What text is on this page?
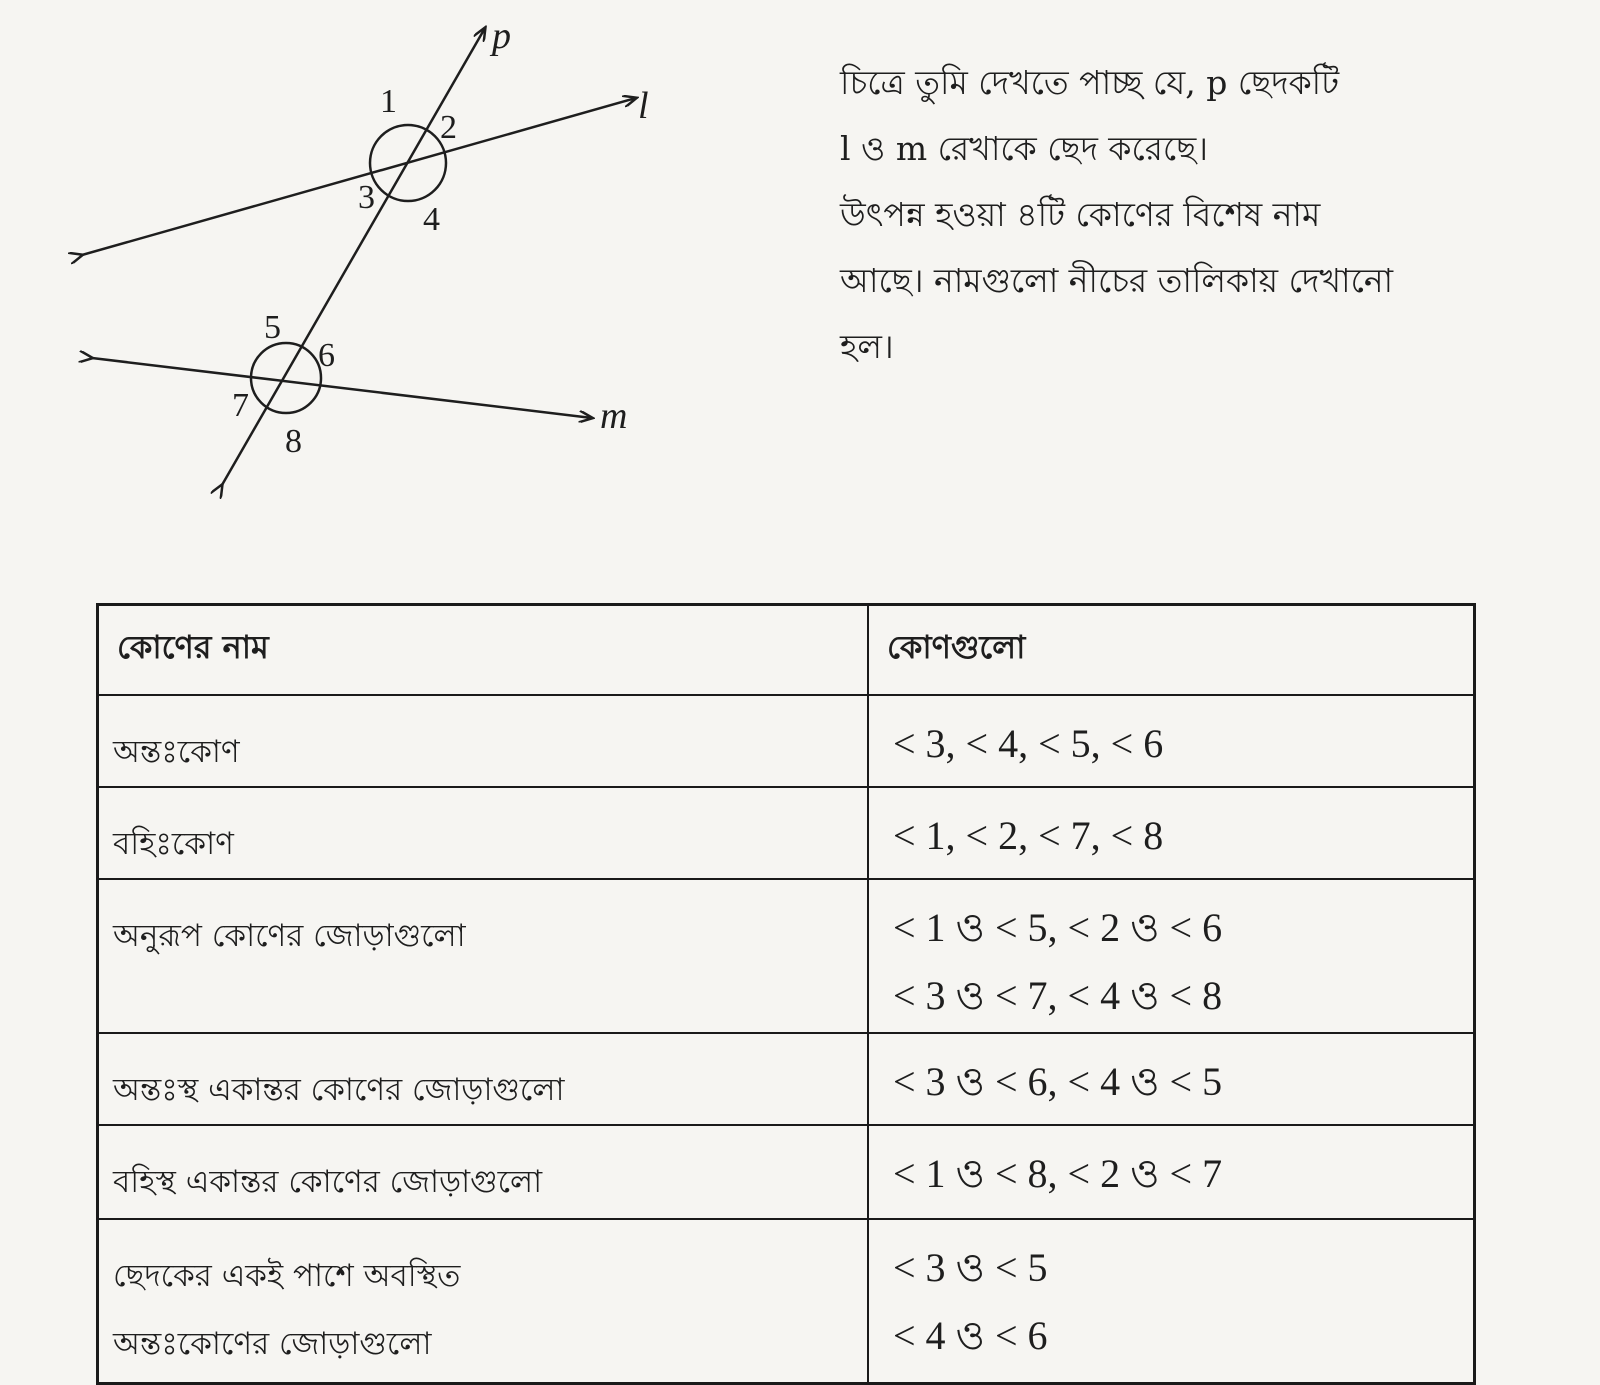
p
l
m
1
2
3
4
5
6
7
8

চিত্রে তুমি দেখতে পাচ্ছ যে, p ছেদকটি

l ও m রেখাকে ছেদ করেছে।

উৎপন্ন হওয়া ৪টি কোণের বিশেষ নাম

আছে। নামগুলো নীচের তালিকায় দেখানো

হল।

কোণের নাম	কোণগুলো

অন্তঃকোণ	< 3, < 4, < 5, < 6

বহিঃকোণ	< 1, < 2, < 7, < 8

অনুরূপ কোণের জোড়াগুলো	< 1 ও < 5, < 2 ও < 6
< 3 ও < 7, < 4 ও < 8

অন্তঃস্থ একান্তর কোণের জোড়াগুলো	< 3 ও < 6, < 4 ও < 5

বহিস্থ একান্তর কোণের জোড়াগুলো	< 1 ও < 8, < 2 ও < 7

ছেদকের একই পাশে অবস্থিত
অন্তঃকোণের জোড়াগুলো	< 3 ও < 5
< 4 ও < 6
